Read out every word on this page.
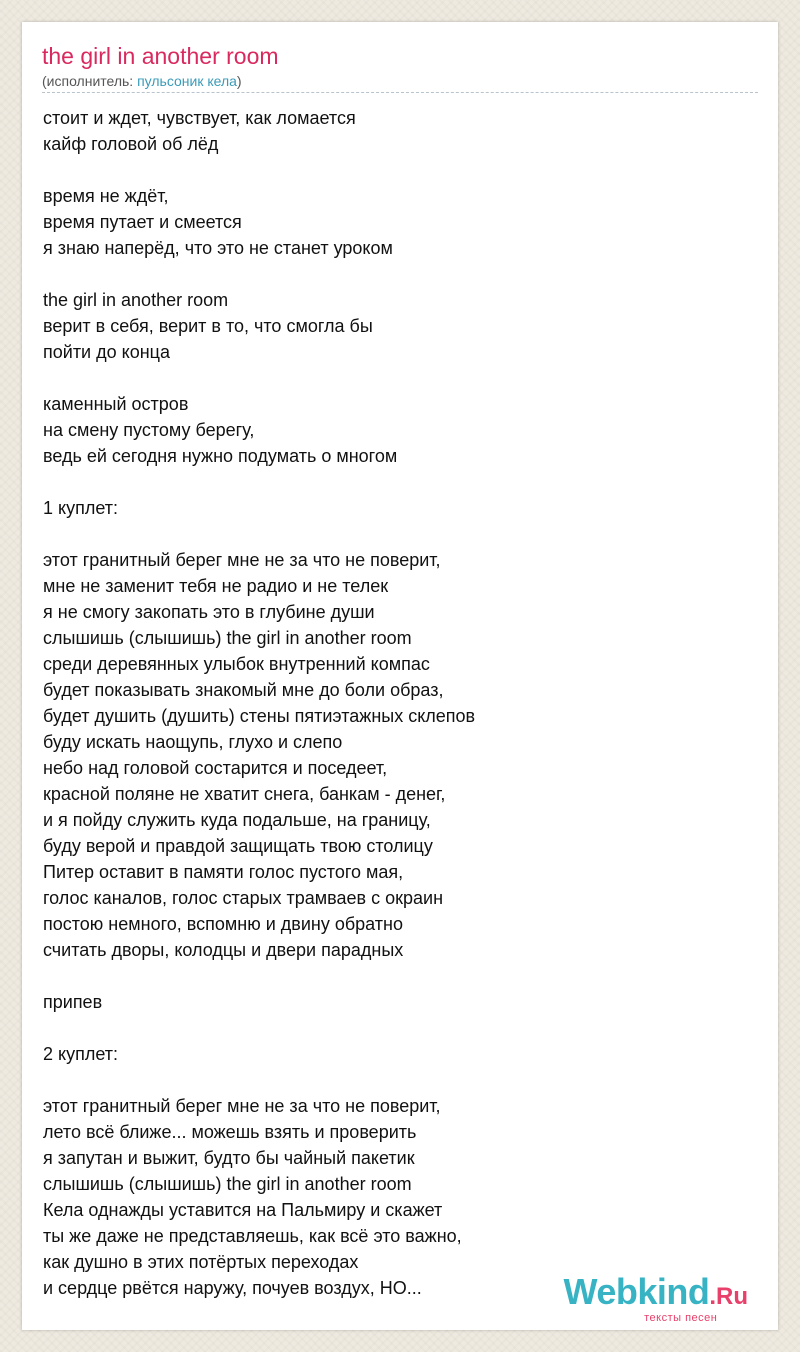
the girl in another room
(исполнитель: пульсоник кела)
стоит и ждет, чувствует, как ломается
кайф головой об лёд
время не ждёт,
время путает и смеется
я знаю наперёд, что это не станет уроком
the girl in another room
верит в себя, верит в то, что смогла бы
пойти до конца
каменный остров
на смену пустому берегу,
ведь ей сегодня нужно подумать о многом
1 куплет:
этот гранитный берег мне не за что не поверит,
мне не заменит тебя не радио и не телек
я не смогу закопать это в глубине души
слышишь (слышишь) the girl in another room
среди деревянных улыбок внутренний компас
будет показывать знакомый мне до боли образ,
будет душить (душить) стены пятиэтажных склепов
буду искать наощупь, глухо и слепо
небо над головой состарится и поседеет,
красной поляне не хватит снега, банкам - денег,
и я пойду служить куда подальше, на границу,
буду верой и правдой защищать твою столицу
Питер оставит в памяти голос пустого мая,
голос каналов, голос старых трамваев с окраин
постою немного, вспомню и двину обратно
считать дворы, колодцы и двери парадных
припев
2 куплет:
этот гранитный берег мне не за что не поверит,
лето всё ближе... можешь взять и проверить
я запутан и выжит, будто бы чайный пакетик
слышишь (слышишь) the girl in another room
Кела однажды уставится на Пальмиру и скажет
ты же даже не представляешь, как всё это важно,
как душно в этих потёртых переходах
и сердце рвётся наружу, почуев воздух, НО...	Webkind.Ru
тексты песен
